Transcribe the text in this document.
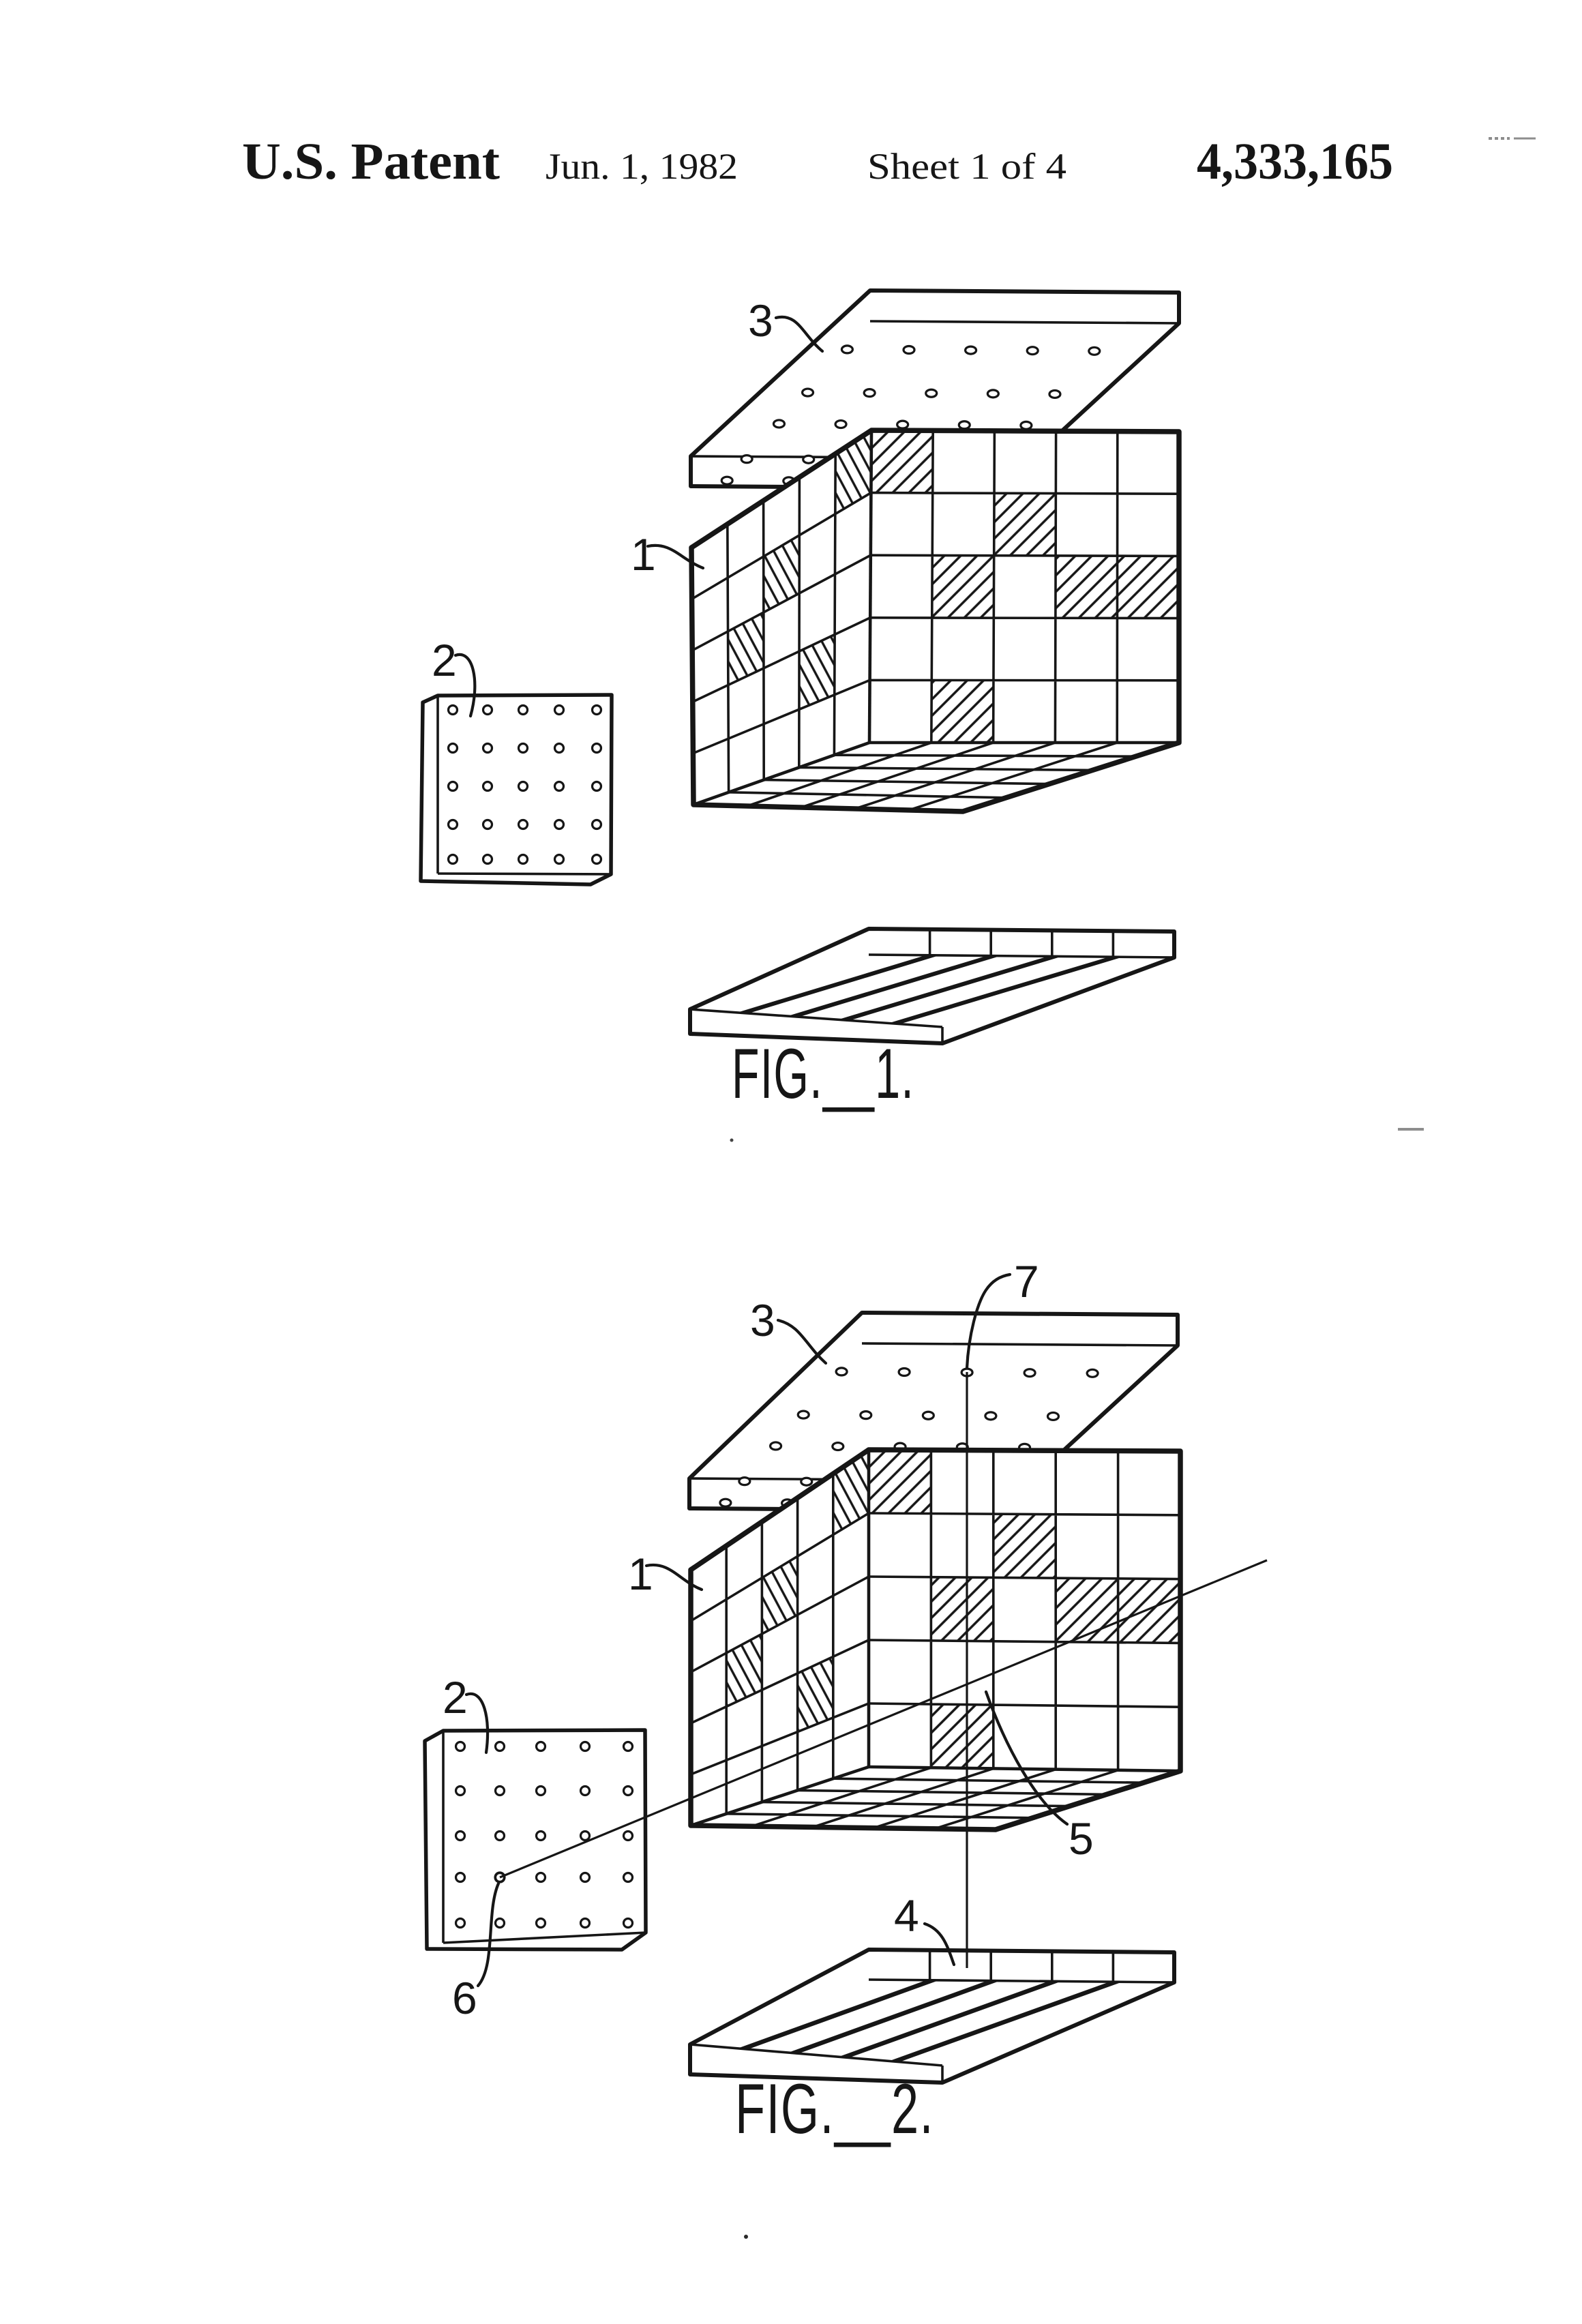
U.S. Patent Jun. 1, 1982	Sheet 1 of 4	4,333,165
3
1
2
FIG.__1.
3
7
1
2
6
5
4
FIG.__2.
